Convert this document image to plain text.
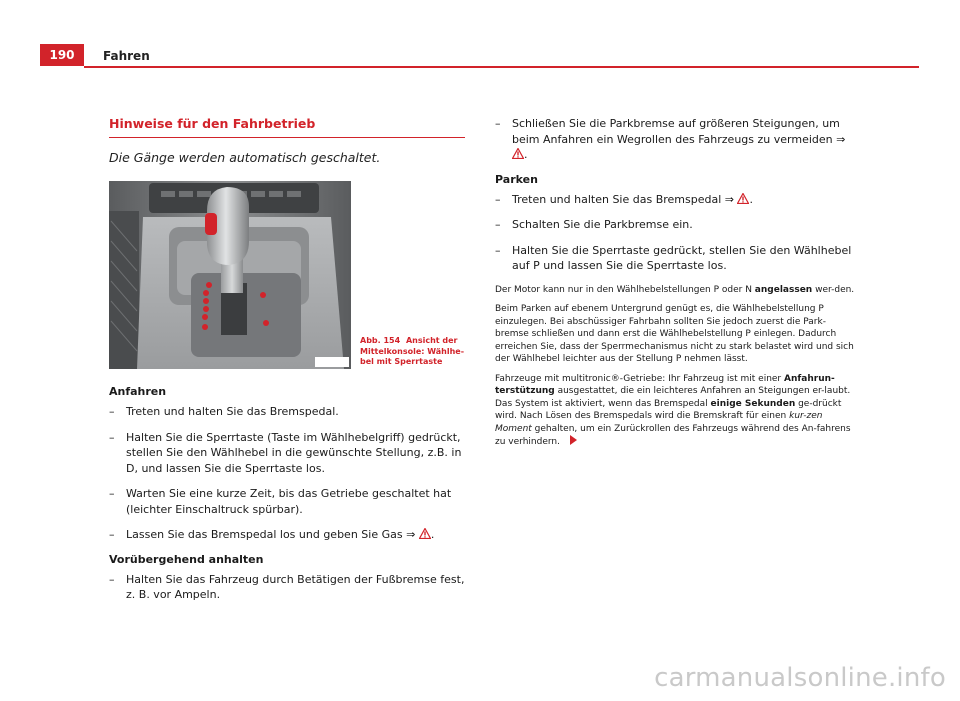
190	Fahren
Hinweise für den Fahrbetrieb
Die Gänge werden automatisch geschaltet.
Abb. 154 Ansicht der Mittelkonsole: Wählhe-bel mit Sperrtaste
Anfahren
– Treten und halten Sie das Bremspedal.
– Halten Sie die Sperrtaste (Taste im Wählhebelgriff) gedrückt, stellen Sie den Wählhebel in die gewünschte Stellung, z.B. in D, und lassen Sie die Sperrtaste los.
– Warten Sie eine kurze Zeit, bis das Getriebe geschaltet hat (leichter Einschaltruck spürbar).
– Lassen Sie das Bremspedal los und geben Sie Gas ⇒ .
Vorübergehend anhalten
– Halten Sie das Fahrzeug durch Betätigen der Fußbremse fest, z. B. vor Ampeln.
– Schließen Sie die Parkbremse auf größeren Steigungen, um beim Anfahren ein Wegrollen des Fahrzeugs zu vermeiden ⇒ .
Parken
– Treten und halten Sie das Bremspedal ⇒ .
– Schalten Sie die Parkbremse ein.
– Halten Sie die Sperrtaste gedrückt, stellen Sie den Wählhebel auf P und lassen Sie die Sperrtaste los.

Der Motor kann nur in den Wählhebelstellungen P oder N angelassen wer-den.

Beim Parken auf ebenem Untergrund genügt es, die Wählhebelstellung P einzulegen. Bei abschüssiger Fahrbahn sollten Sie jedoch zuerst die Park-bremse schließen und dann erst die Wählhebelstellung P einlegen. Dadurch erreichen Sie, dass der Sperrmechanismus nicht zu stark belastet wird und sich der Wählhebel leichter aus der Stellung P nehmen lässt.

Fahrzeuge mit multitronic®-Getriebe: Ihr Fahrzeug ist mit einer Anfahrun-terstützung ausgestattet, die ein leichteres Anfahren an Steigungen er-laubt. Das System ist aktiviert, wenn das Bremspedal einige Sekunden ge-drückt wird. Nach Lösen des Bremspedals wird die Bremskraft für einen kur-zen Moment gehalten, um ein Zurückrollen des Fahrzeugs während des An-fahrens zu verhindern.

carmanualsonline.info
